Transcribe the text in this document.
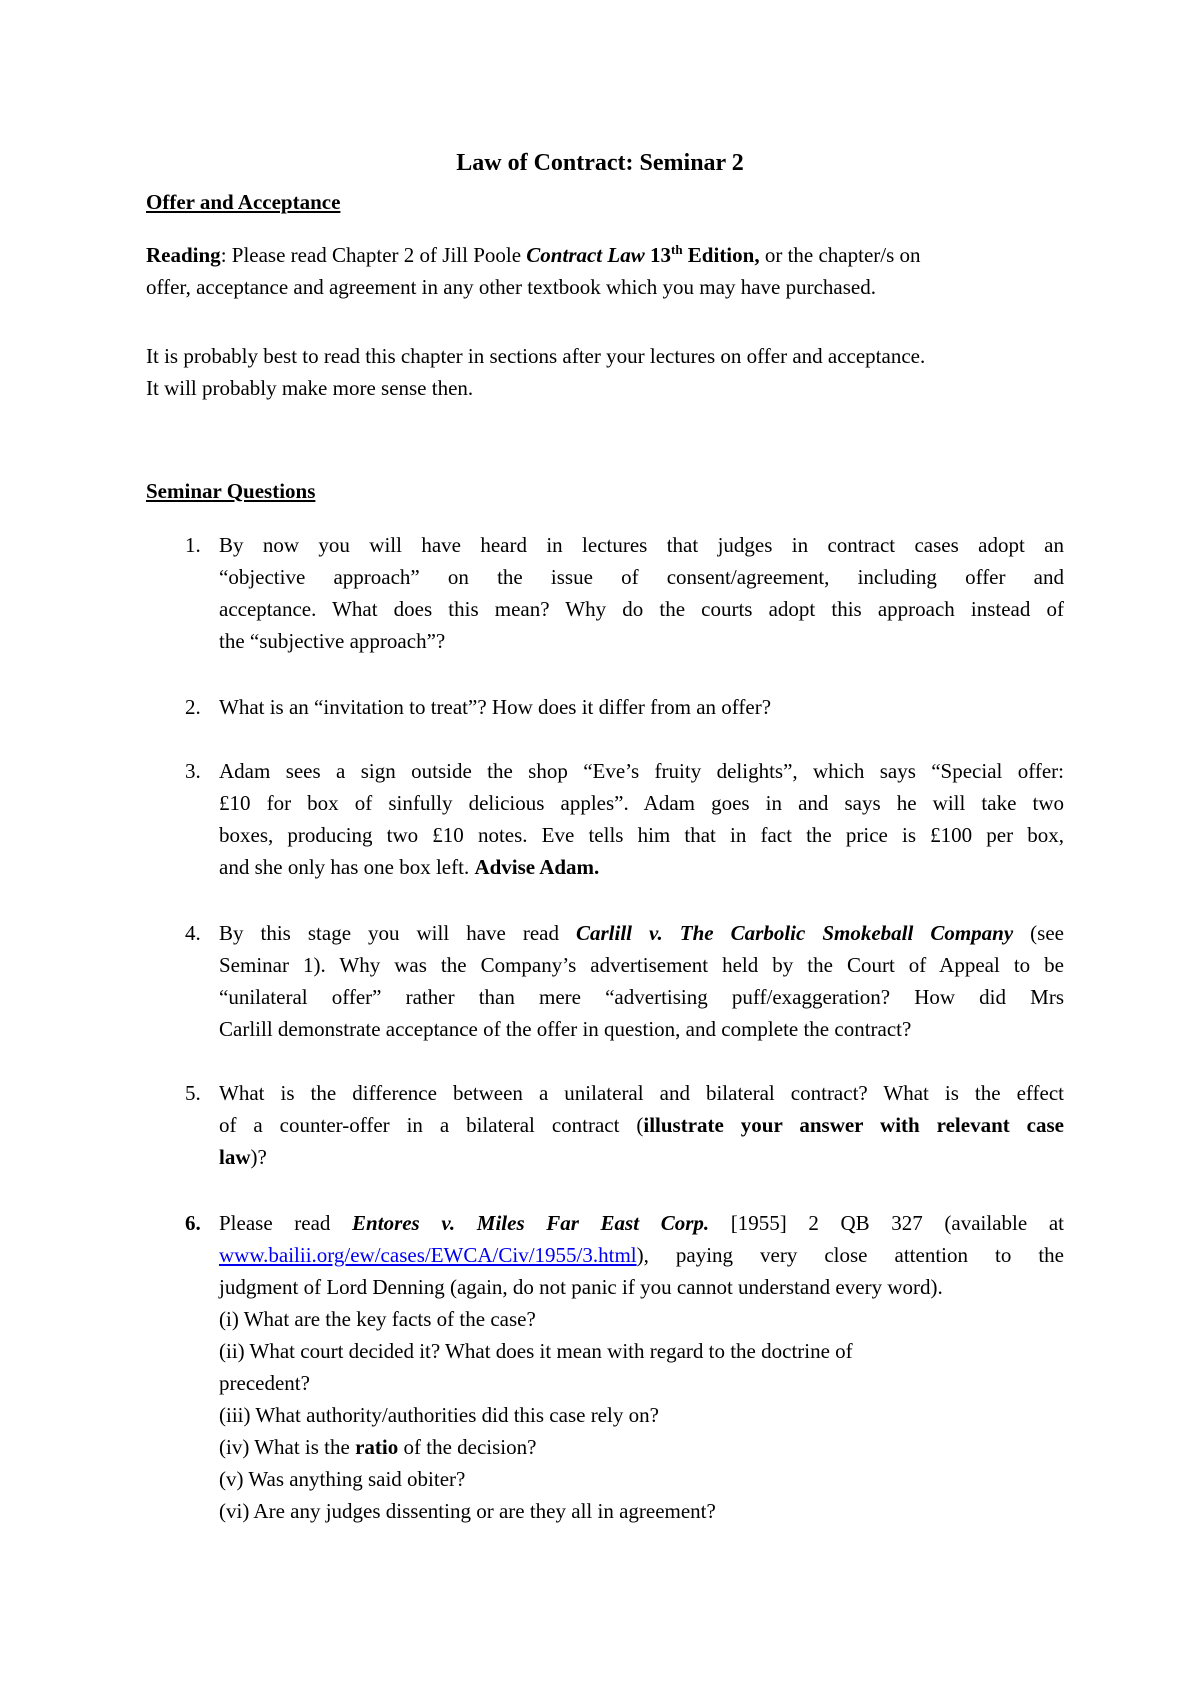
Law of Contract: Seminar 2
Offer and Acceptance
Reading: Please read Chapter 2 of Jill Poole Contract Law 13th Edition, or the chapter/s on
offer, acceptance and agreement in any other textbook which you may have purchased.
It is probably best to read this chapter in sections after your lectures on offer and acceptance.
It will probably make more sense then.
Seminar Questions
1. By now you will have heard in lectures that judges in contract cases adopt an
“objective approach” on the issue of consent/agreement, including offer and
acceptance. What does this mean? Why do the courts adopt this approach instead of
the “subjective approach”?
2. What is an “invitation to treat”? How does it differ from an offer?
3. Adam sees a sign outside the shop “Eve’s fruity delights”, which says “Special offer:
£10 for box of sinfully delicious apples”. Adam goes in and says he will take two
boxes, producing two £10 notes. Eve tells him that in fact the price is £100 per box,
and she only has one box left. Advise Adam.
4. By this stage you will have read Carlill v. The Carbolic Smokeball Company (see
Seminar 1). Why was the Company’s advertisement held by the Court of Appeal to be
“unilateral offer” rather than mere “advertising puff/exaggeration? How did Mrs
Carlill demonstrate acceptance of the offer in question, and complete the contract?
5. What is the difference between a unilateral and bilateral contract? What is the effect
of a counter-offer in a bilateral contract (illustrate your answer with relevant case
law)?
6. Please read Entores v. Miles Far East Corp. [1955] 2 QB 327 (available at
www.bailii.org/ew/cases/EWCA/Civ/1955/3.html), paying very close attention to the
judgment of Lord Denning (again, do not panic if you cannot understand every word).
(i) What are the key facts of the case?
(ii) What court decided it? What does it mean with regard to the doctrine of
precedent?
(iii) What authority/authorities did this case rely on?
(iv) What is the ratio of the decision?
(v) Was anything said obiter?
(vi) Are any judges dissenting or are they all in agreement?
